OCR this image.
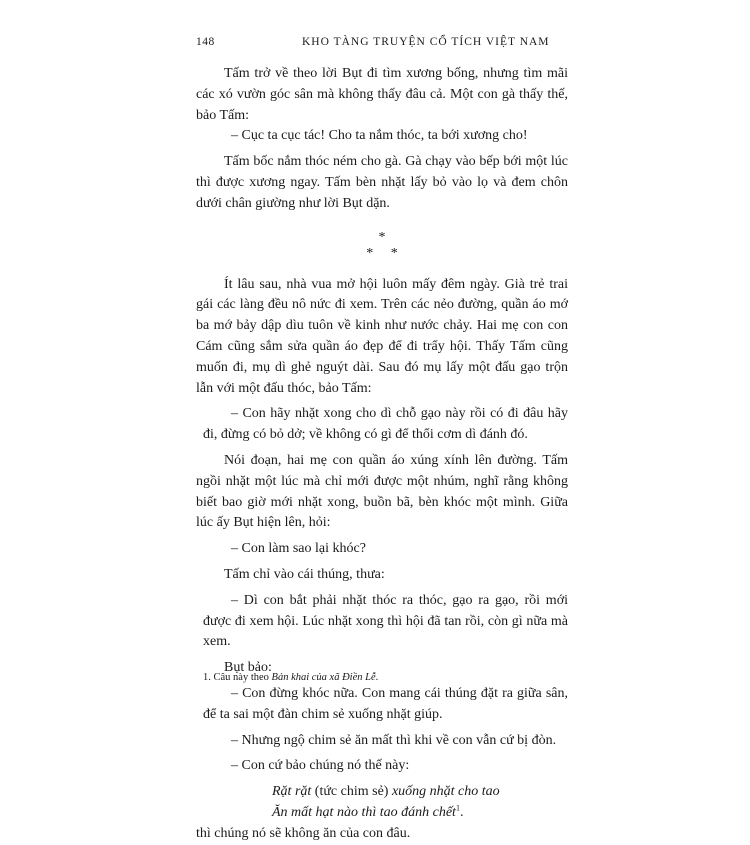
148	KHO TÀNG TRUYỆN CỔ TÍCH VIỆT NAM

Tấm trở về theo lời Bụt đi tìm xương bống, nhưng tìm mãi các xó vườn góc sân mà không thấy đâu cả. Một con gà thấy thế, bảo Tấm:

– Cục ta cục tác! Cho ta nắm thóc, ta bới xương cho!

Tấm bốc nắm thóc ném cho gà. Gà chạy vào bếp bới một lúc thì được xương ngay. Tấm bèn nhặt lấy bỏ vào lọ và đem chôn dưới chân giường như lời Bụt dặn.

*
* *

Ít lâu sau, nhà vua mở hội luôn mấy đêm ngày. Già trẻ trai gái các làng đều nô nức đi xem. Trên các nẻo đường, quần áo mớ ba mớ bảy dập dìu tuôn về kinh như nước chảy. Hai mẹ con con Cám cũng sắm sửa quần áo đẹp để đi trẩy hội. Thấy Tấm cũng muốn đi, mụ dì ghẻ nguýt dài. Sau đó mụ lấy một đấu gạo trộn lẫn với một đấu thóc, bảo Tấm:

– Con hãy nhặt xong cho dì chỗ gạo này rồi có đi đâu hãy đi, đừng có bỏ dở; về không có gì để thổi cơm dì đánh đó.

Nói đoạn, hai mẹ con quần áo xúng xính lên đường. Tấm ngồi nhặt một lúc mà chỉ mới được một nhúm, nghĩ rằng không biết bao giờ mới nhặt xong, buồn bã, bèn khóc một mình. Giữa lúc ấy Bụt hiện lên, hỏi:

– Con làm sao lại khóc?

Tấm chỉ vào cái thúng, thưa:

– Dì con bắt phải nhặt thóc ra thóc, gạo ra gạo, rồi mới được đi xem hội. Lúc nhặt xong thì hội đã tan rồi, còn gì nữa mà xem.

Bụt bảo:

– Con đừng khóc nữa. Con mang cái thúng đặt ra giữa sân, để ta sai một đàn chim sẻ xuống nhặt giúp.

– Nhưng ngộ chim sẻ ăn mất thì khi về con vẫn cứ bị đòn.

– Con cứ bảo chúng nó thế này:

Rặt rặt (tức chim sẻ) xuống nhặt cho tao
Ăn mất hạt nào thì tao đánh chết$^1$.

thì chúng nó sẽ không ăn của con đâu.

1. Câu này theo Bản khai của xã Điền Lễ.
